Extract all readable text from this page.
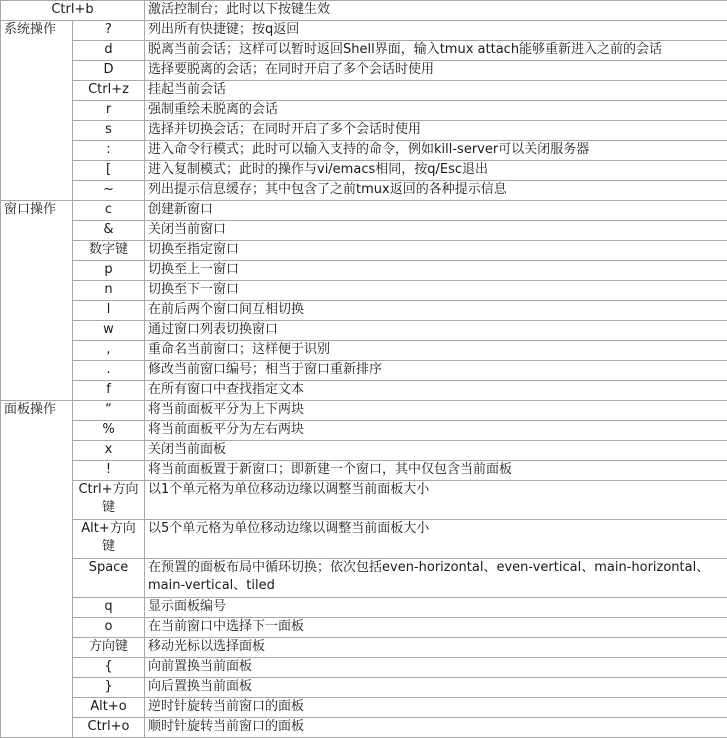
Ctrl+b		激活控制台；此时以下按键生效
系统操作	?	列出所有快捷键；按q返回
	d	脱离当前会话；这样可以暂时返回Shell界面，输入tmux attach能够重新进入之前的会话
	D	选择要脱离的会话；在同时开启了多个会话时使用
	Ctrl+z	挂起当前会话
	r	强制重绘未脱离的会话
	s	选择并切换会话；在同时开启了多个会话时使用
	:	进入命令行模式；此时可以输入支持的命令，例如kill-server可以关闭服务器
	[	进入复制模式；此时的操作与vi/emacs相同，按q/Esc退出
	~	列出提示信息缓存；其中包含了之前tmux返回的各种提示信息
窗口操作	c	创建新窗口
	&	关闭当前窗口
	数字键	切换至指定窗口
	p	切换至上一窗口
	n	切换至下一窗口
	l	在前后两个窗口间互相切换
	w	通过窗口列表切换窗口
	,	重命名当前窗口；这样便于识别
	.	修改当前窗口编号；相当于窗口重新排序
	f	在所有窗口中查找指定文本
面板操作	“	将当前面板平分为上下两块
	%	将当前面板平分为左右两块
	x	关闭当前面板
	!	将当前面板置于新窗口；即新建一个窗口，其中仅包含当前面板
	Ctrl+方向键	以1个单元格为单位移动边缘以调整当前面板大小
	Alt+方向键	以5个单元格为单位移动边缘以调整当前面板大小
	Space	在预置的面板布局中循环切换；依次包括even-horizontal、even-vertical、main-horizontal、main-vertical、tiled
	q	显示面板编号
	o	在当前窗口中选择下一面板
	方向键	移动光标以选择面板
	{	向前置换当前面板
	}	向后置换当前面板
	Alt+o	逆时针旋转当前窗口的面板
	Ctrl+o	顺时针旋转当前窗口的面板
